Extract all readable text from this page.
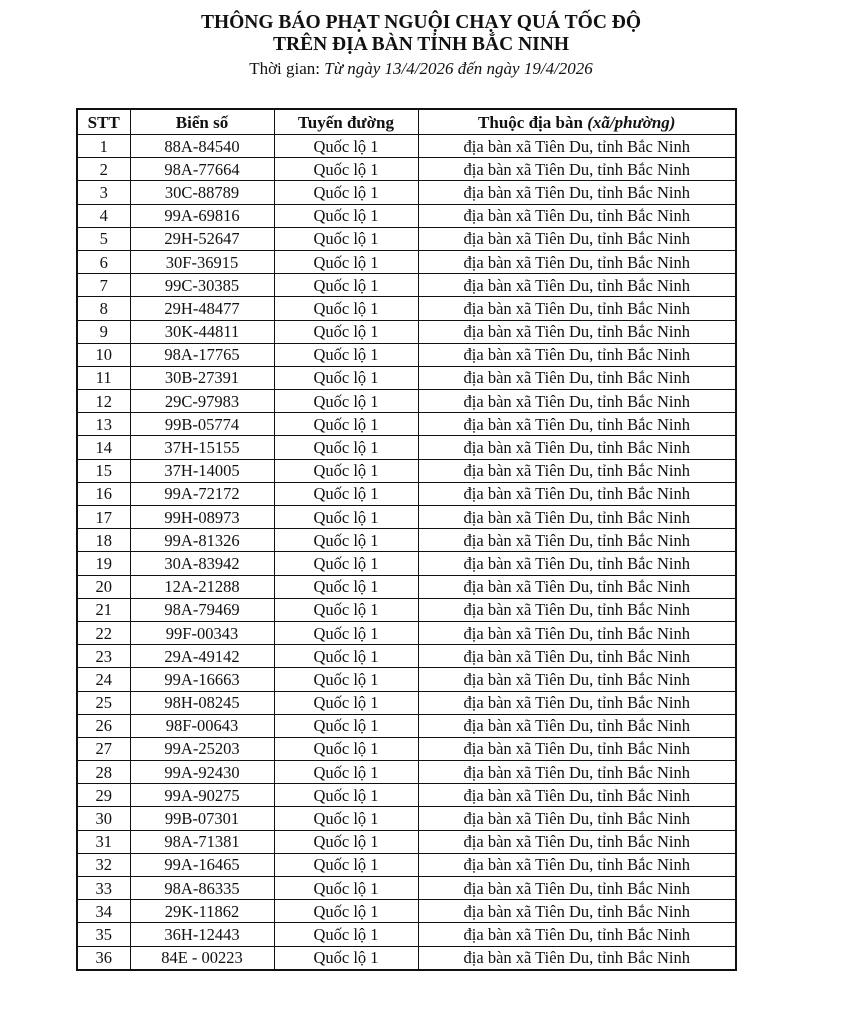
THÔNG BÁO PHẠT NGUỘI CHẠY QUÁ TỐC ĐỘ
TRÊN ĐỊA BÀN TỈNH BẮC NINH
Thời gian: Từ ngày 13/4/2026 đến ngày 19/4/2026
STT	Biển số	Tuyến đường	Thuộc địa bàn (xã/phường)
1	88A-84540	Quốc lộ 1	địa bàn xã Tiên Du, tỉnh Bắc Ninh
2	98A-77664	Quốc lộ 1	địa bàn xã Tiên Du, tỉnh Bắc Ninh
3	30C-88789	Quốc lộ 1	địa bàn xã Tiên Du, tỉnh Bắc Ninh
4	99A-69816	Quốc lộ 1	địa bàn xã Tiên Du, tỉnh Bắc Ninh
5	29H-52647	Quốc lộ 1	địa bàn xã Tiên Du, tỉnh Bắc Ninh
6	30F-36915	Quốc lộ 1	địa bàn xã Tiên Du, tỉnh Bắc Ninh
7	99C-30385	Quốc lộ 1	địa bàn xã Tiên Du, tỉnh Bắc Ninh
8	29H-48477	Quốc lộ 1	địa bàn xã Tiên Du, tỉnh Bắc Ninh
9	30K-44811	Quốc lộ 1	địa bàn xã Tiên Du, tỉnh Bắc Ninh
10	98A-17765	Quốc lộ 1	địa bàn xã Tiên Du, tỉnh Bắc Ninh
11	30B-27391	Quốc lộ 1	địa bàn xã Tiên Du, tỉnh Bắc Ninh
12	29C-97983	Quốc lộ 1	địa bàn xã Tiên Du, tỉnh Bắc Ninh
13	99B-05774	Quốc lộ 1	địa bàn xã Tiên Du, tỉnh Bắc Ninh
14	37H-15155	Quốc lộ 1	địa bàn xã Tiên Du, tỉnh Bắc Ninh
15	37H-14005	Quốc lộ 1	địa bàn xã Tiên Du, tỉnh Bắc Ninh
16	99A-72172	Quốc lộ 1	địa bàn xã Tiên Du, tỉnh Bắc Ninh
17	99H-08973	Quốc lộ 1	địa bàn xã Tiên Du, tỉnh Bắc Ninh
18	99A-81326	Quốc lộ 1	địa bàn xã Tiên Du, tỉnh Bắc Ninh
19	30A-83942	Quốc lộ 1	địa bàn xã Tiên Du, tỉnh Bắc Ninh
20	12A-21288	Quốc lộ 1	địa bàn xã Tiên Du, tỉnh Bắc Ninh
21	98A-79469	Quốc lộ 1	địa bàn xã Tiên Du, tỉnh Bắc Ninh
22	99F-00343	Quốc lộ 1	địa bàn xã Tiên Du, tỉnh Bắc Ninh
23	29A-49142	Quốc lộ 1	địa bàn xã Tiên Du, tỉnh Bắc Ninh
24	99A-16663	Quốc lộ 1	địa bàn xã Tiên Du, tỉnh Bắc Ninh
25	98H-08245	Quốc lộ 1	địa bàn xã Tiên Du, tỉnh Bắc Ninh
26	98F-00643	Quốc lộ 1	địa bàn xã Tiên Du, tỉnh Bắc Ninh
27	99A-25203	Quốc lộ 1	địa bàn xã Tiên Du, tỉnh Bắc Ninh
28	99A-92430	Quốc lộ 1	địa bàn xã Tiên Du, tỉnh Bắc Ninh
29	99A-90275	Quốc lộ 1	địa bàn xã Tiên Du, tỉnh Bắc Ninh
30	99B-07301	Quốc lộ 1	địa bàn xã Tiên Du, tỉnh Bắc Ninh
31	98A-71381	Quốc lộ 1	địa bàn xã Tiên Du, tỉnh Bắc Ninh
32	99A-16465	Quốc lộ 1	địa bàn xã Tiên Du, tỉnh Bắc Ninh
33	98A-86335	Quốc lộ 1	địa bàn xã Tiên Du, tỉnh Bắc Ninh
34	29K-11862	Quốc lộ 1	địa bàn xã Tiên Du, tỉnh Bắc Ninh
35	36H-12443	Quốc lộ 1	địa bàn xã Tiên Du, tỉnh Bắc Ninh
36	84E - 00223	Quốc lộ 1	địa bàn xã Tiên Du, tỉnh Bắc Ninh
